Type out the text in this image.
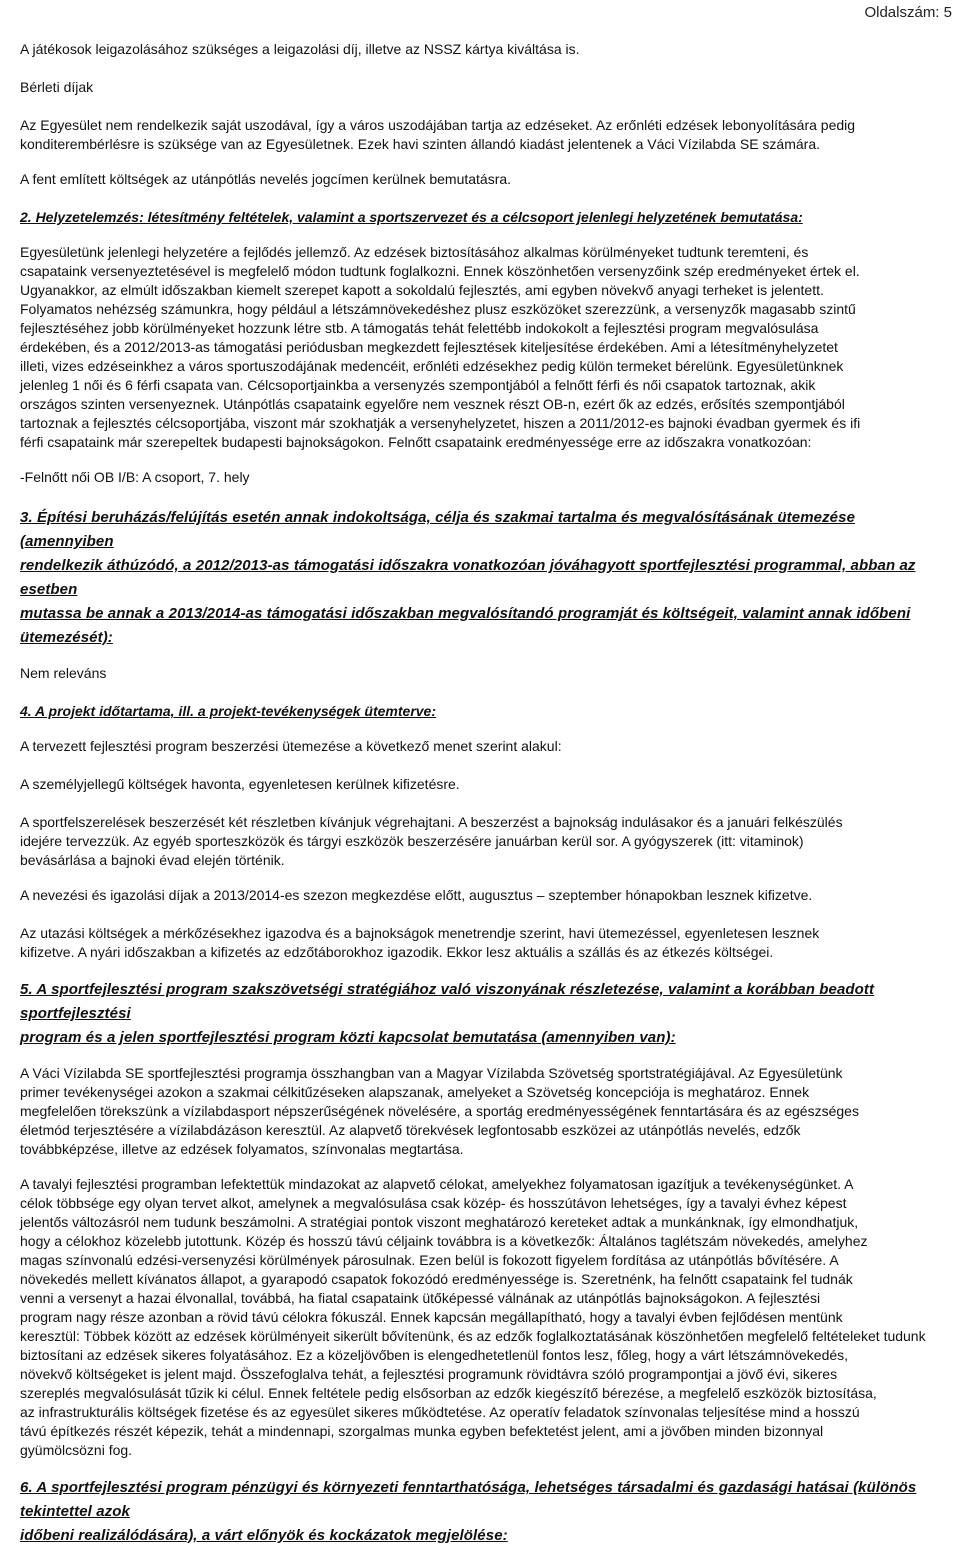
Oldalszám: 5

A játékosok leigazolásához szükséges a leigazolási díj, illetve az NSSZ kártya kiváltása is.

Bérleti díjak

Az Egyesület nem rendelkezik saját uszodával, így a város uszodájában tartja az edzéseket. Az erőnléti edzések lebonyolítására pedig
konditerembérlésre is szüksége van az Egyesületnek. Ezek havi szinten állandó kiadást jelentenek a Váci Vízilabda SE számára.

A fent említett költségek az utánpótlás nevelés jogcímen kerülnek bemutatásra.

2. Helyzetelemzés: létesítmény feltételek, valamint a sportszervezet és a célcsoport jelenlegi helyzetének bemutatása:

Egyesületünk jelenlegi helyzetére a fejlődés jellemző. Az edzések biztosításához alkalmas körülményeket tudtunk teremteni, és
csapataink versenyeztetésével is megfelelő módon tudtunk foglalkozni. Ennek köszönhetően versenyzőink szép eredményeket értek el.
Ugyanakkor, az elmúlt időszakban kiemelt szerepet kapott a sokoldalú fejlesztés, ami egyben növekvő anyagi terheket is jelentett.
Folyamatos nehézség számunkra, hogy például a létszámnövekedéshez plusz eszközöket szerezzünk, a versenyzők magasabb szintű
fejlesztéséhez jobb körülményeket hozzunk létre stb. A támogatás tehát felettébb indokokolt a fejlesztési program megvalósulása
érdekében, és a 2012/2013-as támogatási periódusban megkezdett fejlesztések kiteljesítése érdekében. Ami a létesítményhelyzetet
illeti, vizes edzéseinkhez a város sportuszodájának medencéit, erőnléti edzésekhez pedig külön termeket bérelünk. Egyesületünknek
jelenleg 1 női és 6 férfi csapata van. Célcsoportjainkba a versenyzés szempontjából a felnőtt férfi és női csapatok tartoznak, akik
országos szinten versenyeznek. Utánpótlás csapataink egyelőre nem vesznek részt OB-n, ezért ők az edzés, erősítés szempontjából
tartoznak a fejlesztés célcsoportjába, viszont már szokhatják a versenyhelyzetet, hiszen a 2011/2012-es bajnoki évadban gyermek és ifi
férfi csapataink már szerepeltek budapesti bajnokságokon. Felnőtt csapataink eredményessége erre az időszakra vonatkozóan:

-Felnőtt női OB I/B: A csoport, 7. hely

3. Építési beruházás/felújítás esetén annak indokoltsága, célja és szakmai tartalma és megvalósításának ütemezése (amennyiben
rendelkezik áthúzódó, a 2012/2013-as támogatási időszakra vonatkozóan jóváhagyott sportfejlesztési programmal, abban az esetben
mutassa be annak a 2013/2014-as támogatási időszakban megvalósítandó programját és költségeit, valamint annak időbeni
ütemezését):

Nem releváns

4. A projekt időtartama, ill. a projekt-tevékenységek ütemterve:

A tervezett fejlesztési program beszerzési ütemezése a következő menet szerint alakul:

A személyjellegű költségek havonta, egyenletesen kerülnek kifizetésre.

A sportfelszerelések beszerzését két részletben kívánjuk végrehajtani. A beszerzést a bajnokság indulásakor és a januári felkészülés
idejére tervezzük. Az egyéb sporteszközök és tárgyi eszközök beszerzésére januárban kerül sor. A gyógyszerek (itt: vitaminok)
bevásárlása a bajnoki évad elején történik.

A nevezési és igazolási díjak a 2013/2014-es szezon megkezdése előtt, augusztus – szeptember hónapokban lesznek kifizetve.

Az utazási költségek a mérkőzésekhez igazodva és a bajnokságok menetrendje szerint, havi ütemezéssel, egyenletesen lesznek
kifizetve. A nyári időszakban a kifizetés az edzőtáborokhoz igazodik. Ekkor lesz aktuális a szállás és az étkezés költségei.

5. A sportfejlesztési program szakszövetségi stratégiához való viszonyának részletezése, valamint a korábban beadott sportfejlesztési
program és a jelen sportfejlesztési program közti kapcsolat bemutatása (amennyiben van):

A Váci Vízilabda SE sportfejlesztési programja összhangban van a Magyar Vízilabda Szövetség sportstratégiájával. Az Egyesületünk
primer tevékenységei azokon a szakmai célkitűzéseken alapszanak, amelyeket a Szövetség koncepciója is meghatároz. Ennek
megfelelően törekszünk a vízilabdasport népszerűségének növelésére, a sportág eredményességének fenntartására és az egészséges
életmód terjesztésére a vízilabdázáson keresztül. Az alapvető törekvések legfontosabb eszközei az utánpótlás nevelés, edzők
továbbképzése, illetve az edzések folyamatos, színvonalas megtartása.

A tavalyi fejlesztési programban lefektettük mindazokat az alapvető célokat, amelyekhez folyamatosan igazítjuk a tevékenységünket. A
célok többsége egy olyan tervet alkot, amelynek a megvalósulása csak közép- és hosszútávon lehetséges, így a tavalyi évhez képest
jelentős változásról nem tudunk beszámolni. A stratégiai pontok viszont meghatározó kereteket adtak a munkánknak, így elmondhatjuk,
hogy a célokhoz közelebb jutottunk. Közép és hosszú távú céljaink továbbra is a következők: Általános taglétszám növekedés, amelyhez
magas színvonalú edzési-versenyzési körülmények párosulnak. Ezen belül is fokozott figyelem fordítása az utánpótlás bővítésére. A
növekedés mellett kívánatos állapot, a gyarapodó csapatok fokozódó eredményessége is. Szeretnénk, ha felnőtt csapataink fel tudnák
venni a versenyt a hazai élvonallal, továbbá, ha fiatal csapataink ütőképessé válnának az utánpótlás bajnokságokon. A fejlesztési
program nagy része azonban a rövid távú célokra fókuszál. Ennek kapcsán megállapítható, hogy a tavalyi évben fejlődésen mentünk
keresztül: Többek között az edzések körülményeit sikerült bővítenünk, és az edzők foglalkoztatásának köszönhetően megfelelő feltételeket tudunk
biztosítani az edzések sikeres folyatásához. Ez a közeljövőben is elengedhetetlenül fontos lesz, főleg, hogy a várt létszámnövekedés,
növekvő költségeket is jelent majd. Összefoglalva tehát, a fejlesztési programunk rövidtávra szóló programpontjai a jövő évi, sikeres
szereplés megvalósulását tűzik ki célul. Ennek feltétele pedig elsősorban az edzők kiegészítő bérezése, a megfelelő eszközök biztosítása,
az infrastrukturális költségek fizetése és az egyesület sikeres működtetése. Az operatív feladatok színvonalas teljesítése mind a hosszú
távú építkezés részét képezik, tehát a mindennapi, szorgalmas munka egyben befektetést jelent, ami a jövőben minden bizonnyal
gyümölcsözni fog.

6. A sportfejlesztési program pénzügyi és környezeti fenntarthatósága, lehetséges társadalmi és gazdasági hatásai (különös tekintettel azok
időbeni realizálódására), a várt előnyök és kockázatok megjelölése:
